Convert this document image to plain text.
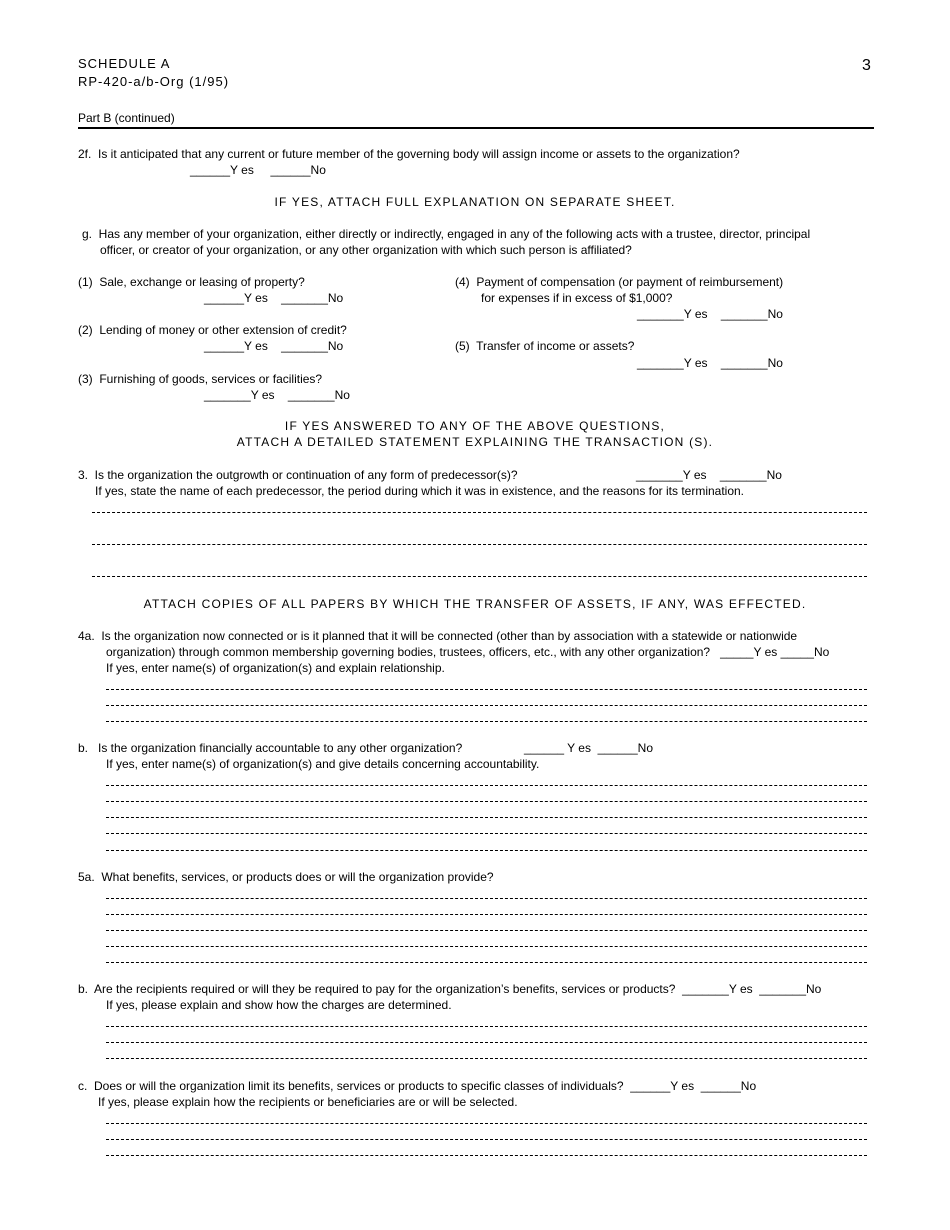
SCHEDULE A
RP-420-a/b-Org (1/95)
3
Part B (continued)
2f.  Is it anticipated that any current or future member of the governing body will assign income or assets to the organization?
______Y es     ______No
IF YES, ATTACH FULL EXPLANATION ON SEPARATE SHEET.
g.  Has any member of your organization, either directly or indirectly, engaged in any of the following acts with a trustee, director, principal
officer, or creator of your organization, or any other organization with which such person is affiliated?
(1)  Sale, exchange or leasing of property?
______Y es    _______No
(2)  Lending of money or other extension of credit?
______Y es    _______No
(3)  Furnishing of goods, services or facilities?
_______Y es    _______No
(4)  Payment of compensation (or payment of reimbursement)
for expenses if in excess of $1,000?
_______Y es    _______No
(5)  Transfer of income or assets?
_______Y es    _______No
IF YES ANSWERED TO ANY OF THE ABOVE QUESTIONS,
ATTACH A DETAILED STATEMENT EXPLAINING THE TRANSACTION (S).
3.  Is the organization the outgrowth or continuation of any form of predecessor(s)?	_______Y es    _______No
If yes, state the name of each predecessor, the period during which it was in existence, and the reasons for its termination.
ATTACH COPIES OF ALL PAPERS BY WHICH THE TRANSFER OF ASSETS, IF ANY, WAS EFFECTED.
4a.  Is the organization now connected or is it planned that it will be connected (other than by association with a statewide or nationwide
organization) through common membership governing bodies, trustees, officers, etc., with any other organization?   _____Y es _____No
If yes, enter name(s) of organization(s) and explain relationship.
b.   Is the organization financially accountable to any other organization?	______ Y es  ______No
If yes, enter name(s) of organization(s) and give details concerning accountability.
5a.  What benefits, services, or products does or will the organization provide?
b.  Are the recipients required or will they be required to pay for the organization’s benefits, services or products?  _______Y es  _______No
If yes, please explain and show how the charges are determined.
c.  Does or will the organization limit its benefits, services or products to specific classes of individuals?  ______Y es  ______No
If yes, please explain how the recipients or beneficiaries are or will be selected.
